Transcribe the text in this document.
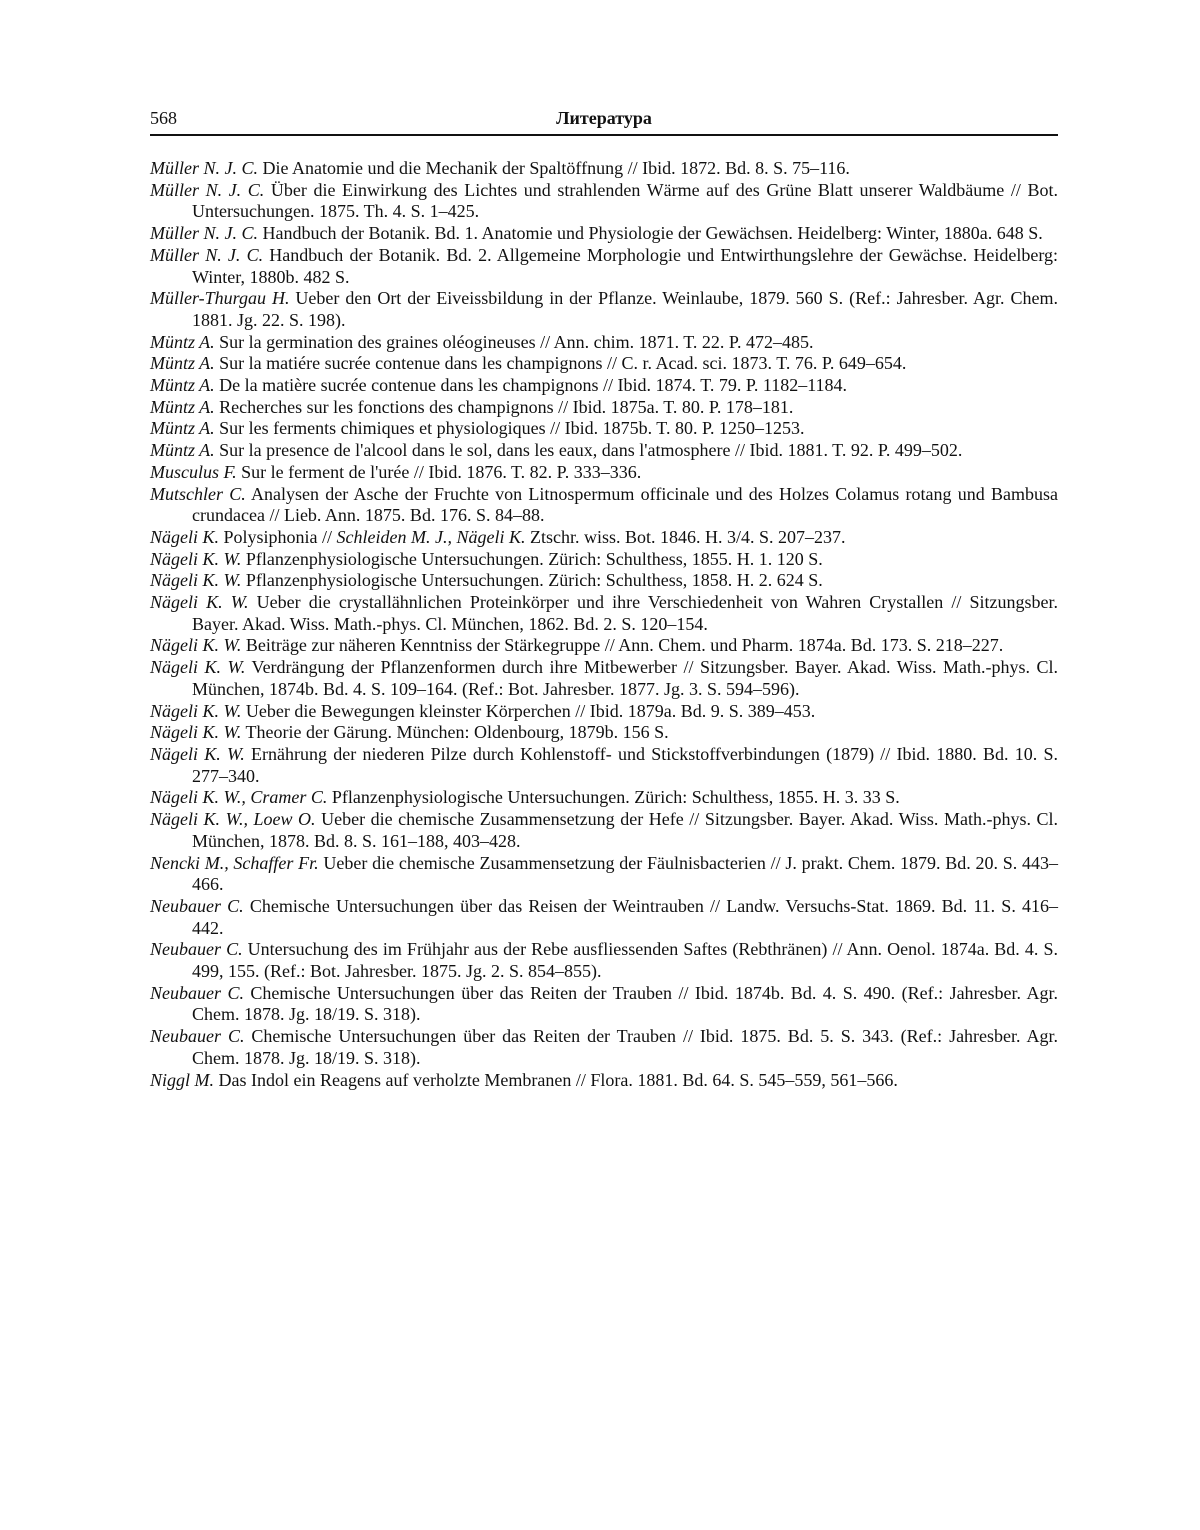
568	Литература

Müller N. J. C. Die Anatomie und die Mechanik der Spaltöffnung // Ibid. 1872. Bd. 8. S. 75–116.

Müller N. J. C. Über die Einwirkung des Lichtes und strahlenden Wärme auf des Grüne Blatt unserer Waldbäume // Bot. Untersuchungen. 1875. Th. 4. S. 1–425.

Müller N. J. C. Handbuch der Botanik. Bd. 1. Anatomie und Physiologie der Gewächsen. Heidelberg: Winter, 1880a. 648 S.

Müller N. J. C. Handbuch der Botanik. Bd. 2. Allgemeine Morphologie und Entwirthungslehre der Gewächse. Heidelberg: Winter, 1880b. 482 S.

Müller-Thurgau H. Ueber den Ort der Eiveissbildung in der Pflanze. Weinlaube, 1879. 560 S. (Ref.: Jahresber. Agr. Chem. 1881. Jg. 22. S. 198).

Müntz A. Sur la germination des graines oléogineuses // Ann. chim. 1871. T. 22. P. 472–485.

Müntz A. Sur la matiére sucrée contenue dans les champignons // C. r. Acad. sci. 1873. T. 76. P. 649–654.

Müntz A. De la matière sucrée contenue dans les champignons // Ibid. 1874. T. 79. P. 1182–1184.

Müntz A. Recherches sur les fonctions des champignons // Ibid. 1875a. T. 80. P. 178–181.

Müntz A. Sur les ferments chimiques et physiologiques // Ibid. 1875b. T. 80. P. 1250–1253.

Müntz A. Sur la presence de l'alcool dans le sol, dans les eaux, dans l'atmosphere // Ibid. 1881. T. 92. P. 499–502.

Musculus F. Sur le ferment de l'urée // Ibid. 1876. T. 82. P. 333–336.

Mutschler C. Analysen der Asche der Fruchte von Litnospermum officinale und des Holzes Colamus rotang und Bambusa crundacea // Lieb. Ann. 1875. Bd. 176. S. 84–88.

Nägeli K. Polysiphonia // Schleiden M. J., Nägeli K. Ztschr. wiss. Bot. 1846. H. 3/4. S. 207–237.

Nägeli K. W. Pflanzenphysiologische Untersuchungen. Zürich: Schulthess, 1855. H. 1. 120 S.

Nägeli K. W. Pflanzenphysiologische Untersuchungen. Zürich: Schulthess, 1858. H. 2. 624 S.

Nägeli K. W. Ueber die crystallähnlichen Proteinkörper und ihre Verschiedenheit von Wahren Crystallen // Sitzungsber. Bayer. Akad. Wiss. Math.-phys. Cl. München, 1862. Bd. 2. S. 120–154.

Nägeli K. W. Beiträge zur näheren Kenntniss der Stärkegruppe // Ann. Chem. und Pharm. 1874a. Bd. 173. S. 218–227.

Nägeli K. W. Verdrängung der Pflanzenformen durch ihre Mitbewerber // Sitzungsber. Bayer. Akad. Wiss. Math.-phys. Cl. München, 1874b. Bd. 4. S. 109–164. (Ref.: Bot. Jahresber. 1877. Jg. 3. S. 594–596).

Nägeli K. W. Ueber die Bewegungen kleinster Körperchen // Ibid. 1879a. Bd. 9. S. 389–453.

Nägeli K. W. Theorie der Gärung. München: Oldenbourg, 1879b. 156 S.

Nägeli K. W. Ernährung der niederen Pilze durch Kohlenstoff- und Stickstoffverbindungen (1879) // Ibid. 1880. Bd. 10. S. 277–340.

Nägeli K. W., Cramer C. Pflanzenphysiologische Untersuchungen. Zürich: Schulthess, 1855. H. 3. 33 S.

Nägeli K. W., Loew O. Ueber die chemische Zusammensetzung der Hefe // Sitzungsber. Bayer. Akad. Wiss. Math.-phys. Cl. München, 1878. Bd. 8. S. 161–188, 403–428.

Nencki M., Schaffer Fr. Ueber die chemische Zusammensetzung der Fäulnisbacterien // J. prakt. Chem. 1879. Bd. 20. S. 443–466.

Neubauer C. Chemische Untersuchungen über das Reisen der Weintrauben // Landw. Versuchs-Stat. 1869. Bd. 11. S. 416–442.

Neubauer C. Untersuchung des im Frühjahr aus der Rebe ausfliessenden Saftes (Rebthränen) // Ann. Oenol. 1874a. Bd. 4. S. 499, 155. (Ref.: Bot. Jahresber. 1875. Jg. 2. S. 854–855).

Neubauer C. Chemische Untersuchungen über das Reiten der Trauben // Ibid. 1874b. Bd. 4. S. 490. (Ref.: Jahresber. Agr. Chem. 1878. Jg. 18/19. S. 318).

Neubauer C. Chemische Untersuchungen über das Reiten der Trauben // Ibid. 1875. Bd. 5. S. 343. (Ref.: Jahresber. Agr. Chem. 1878. Jg. 18/19. S. 318).

Niggl M. Das Indol ein Reagens auf verholzte Membranen // Flora. 1881. Bd. 64. S. 545–559, 561–566.
